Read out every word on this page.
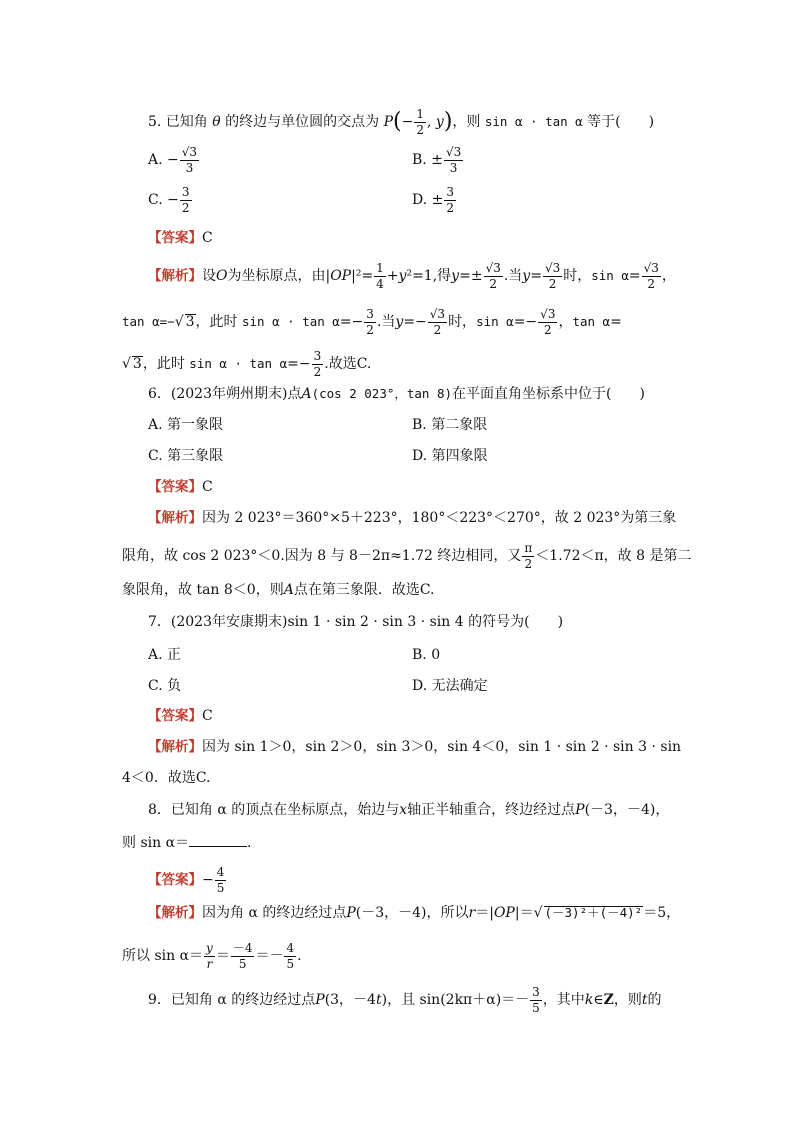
5. 已知角 θ 的终边与单位圆的交点为 $P(- \frac{1}{2}$ , y)，则 sin α · tan α 等于(　　)
A. − $\frac{√3}{3}$	B. ± $\frac{√3}{3}$
C. − $\frac{3}{2}$	D. ± $\frac{3}{2}$
【答案】C
【解析】设O为坐标原点，由$|OP|^2= \frac{1}{4} +y^2=1$,得$y=\pm \frac{√3}{2}$ .当$y= \frac{√3}{2}$ 时，$\sin \alpha= \frac{√3}{2}$ ，
tan α=−√ 3，此时 $\sin \alpha \cdot \tan \alpha=- \frac{3}{2}$ .当$y=- \frac{√3}{2}$ 时，$\sin \alpha=- \frac{√3}{2}$ ，tan α=
√ 3，此时 $\sin \alpha \cdot \tan \alpha=- \frac{3}{2}$ .故选C.
6．(2023年朔州期末)点A(cos 2 023°，tan 8)在平面直角坐标系中位于(　　)
A. 第一象限	B. 第二象限
C. 第三象限	D. 第四象限
【答案】C
【解析】因为 2 023°＝360°×5＋223°，180°＜223°＜270°，故 2 023°为第三象
限角，故 cos 2 023°＜0.因为 8 与 8－2π≈1.72 终边相同，又 $\frac{\pi}{2} <1.72<\pi$，故 8 是第二
象限角，故 tan 8＜0，则A点在第三象限．故选C.
7．(2023年安康期末)sin 1 · sin 2 · sin 3 · sin 4 的符号为(　　)
A. 正	B. 0
C. 负	D. 无法确定
【答案】C
【解析】因为 sin 1＞0，sin 2＞0，sin 3＞0，sin 4＜0，sin 1 · sin 2 · sin 3 · sin
4＜0．故选C.
8．已知角 α 的顶点在坐标原点，始边与x轴正半轴重合，终边经过点P(－3，－4)，
则 sin α＝	.
【答案】− $\frac{4}{5}$
【解析】因为角 α 的终边经过点P(－3，－4)，所以r＝|OP|＝√ (－3)²＋(－4)²＝5，
所以 $\sin \alpha= \frac{y}{r} = \frac{-4}{5} =- \frac{4}{5}$ .
9．已知角 α 的终边经过点P(3，－4t)，且 $\sin(2k\pi+\alpha)=- \frac{3}{5}$ ，其中k∈Z，则t的
